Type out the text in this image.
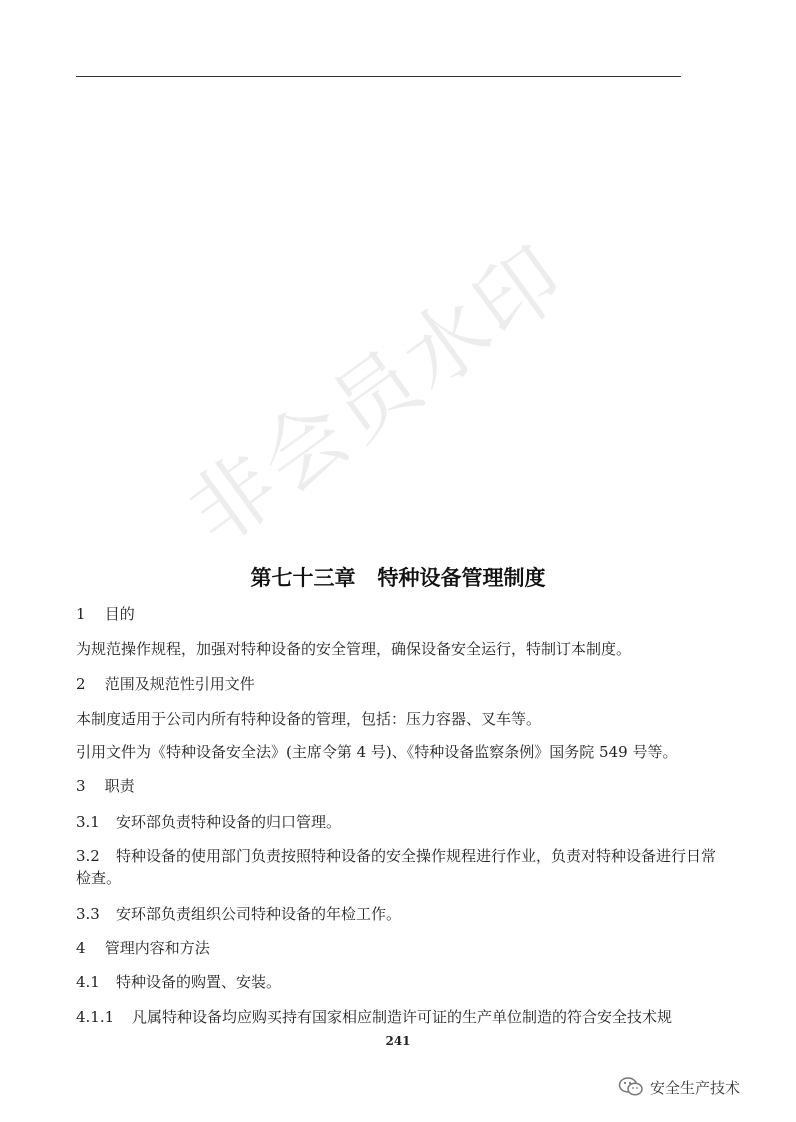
非会员水印
第七十三章 特种设备管理制度
1 目的
为规范操作规程，加强对特种设备的安全管理，确保设备安全运行，特制订本制度。
2 范围及规范性引用文件
本制度适用于公司内所有特种设备的管理，包括：压力容器、叉车等。
引用文件为《特种设备安全法》(主席令第 4 号)、《特种设备监察条例》国务院 549 号等。
3 职责
3.1 安环部负责特种设备的归口管理。
3.2 特种设备的使用部门负责按照特种设备的安全操作规程进行作业，负责对特种设备进行日常检查。
3.3 安环部负责组织公司特种设备的年检工作。
4 管理内容和方法
4.1 特种设备的购置、安装。
4.1.1 凡属特种设备均应购买持有国家相应制造许可证的生产单位制造的符合安全技术规
241
安全生产技术
